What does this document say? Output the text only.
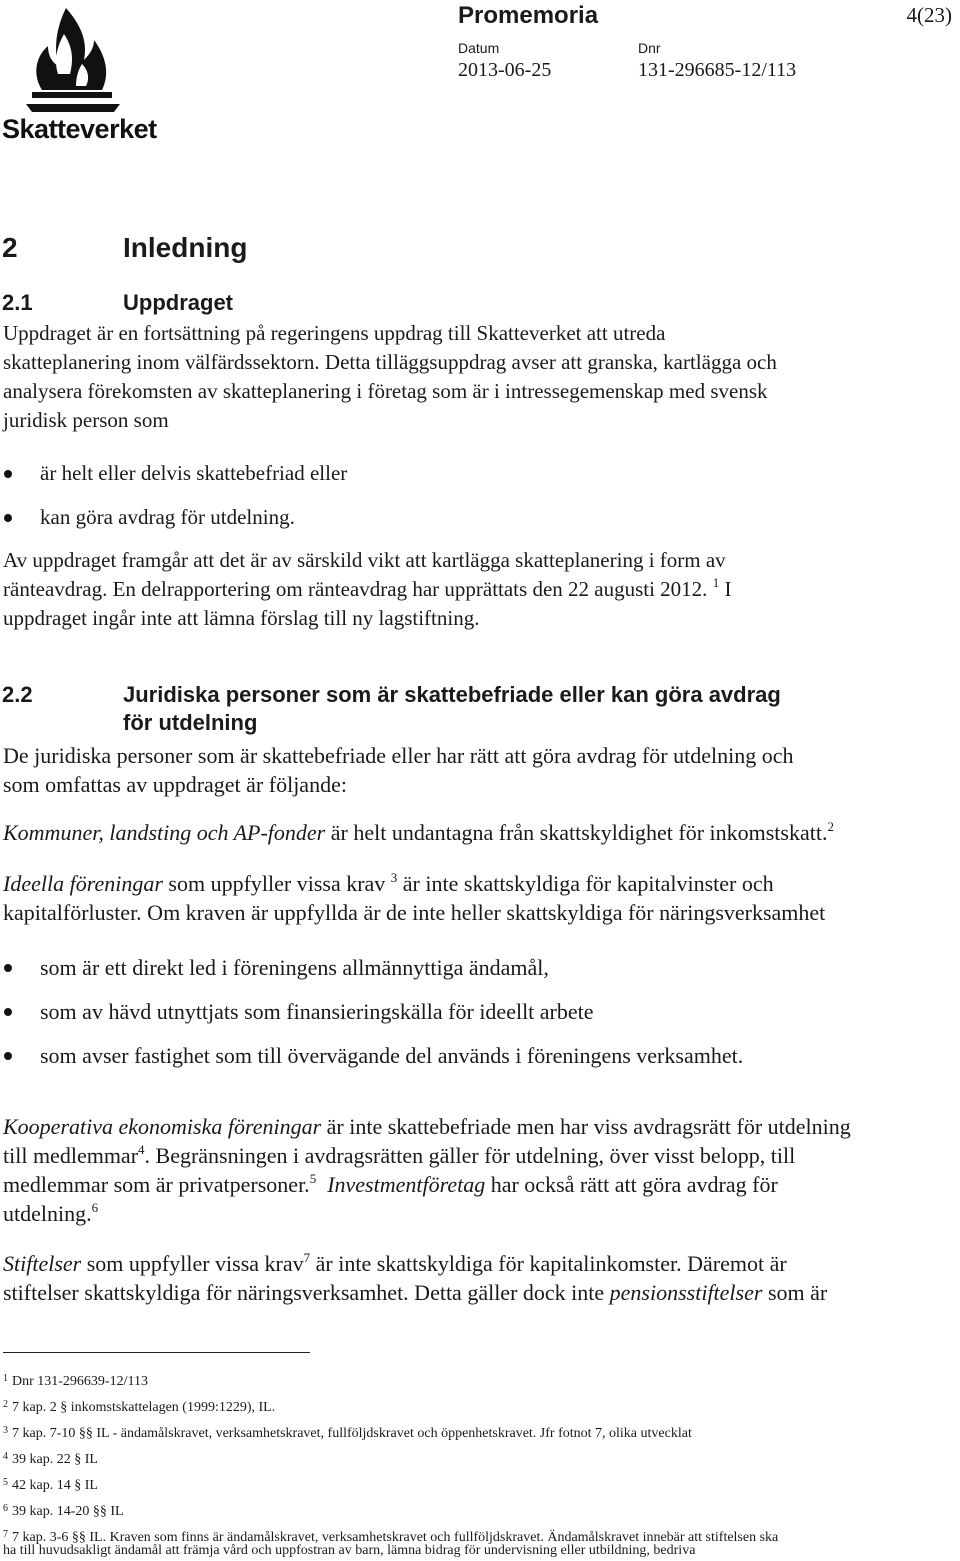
Skatteverket
Promemoria	4(23)
Datum	Dnr
2013-06-25	131-296685-12/113
2	Inledning
2.1	Uppdraget
Uppdraget är en fortsättning på regeringens uppdrag till Skatteverket att utreda
skatteplanering inom välfärdssektorn. Detta tilläggsuppdrag avser att granska, kartlägga och
analysera förekomsten av skatteplanering i företag som är i intressegemenskap med svensk
juridisk person som
är helt eller delvis skattebefriad eller
kan göra avdrag för utdelning.
Av uppdraget framgår att det är av särskild vikt att kartlägga skatteplanering i form av
ränteavdrag. En delrapportering om ränteavdrag har upprättats den 22 augusti 2012. $^1$ I
uppdraget ingår inte att lämna förslag till ny lagstiftning.
2.2	Juridiska personer som är skattebefriade eller kan göra avdrag
för utdelning
De juridiska personer som är skattebefriade eller har rätt att göra avdrag för utdelning och
som omfattas av uppdraget är följande:
Kommuner, landsting och AP-fonder är helt undantagna från skattskyldighet för inkomstskatt.$^2$
Ideella föreningar som uppfyller vissa krav $^3$ är inte skattskyldiga för kapitalvinster och
kapitalförluster. Om kraven är uppfyllda är de inte heller skattskyldiga för näringsverksamhet
som är ett direkt led i föreningens allmännyttiga ändamål,
som av hävd utnyttjats som finansieringskälla för ideellt arbete
som avser fastighet som till övervägande del används i föreningens verksamhet.
Kooperativa ekonomiska föreningar är inte skattebefriade men har viss avdragsrätt för utdelning
till medlemmar$^4$. Begränsningen i avdragsrätten gäller för utdelning, över visst belopp, till
medlemmar som är privatpersoner.$^5$ Investmentföretag har också rätt att göra avdrag för
utdelning.$^6$
Stiftelser som uppfyller vissa krav$^7$ är inte skattskyldiga för kapitalinkomster. Däremot är
stiftelser skattskyldiga för näringsverksamhet. Detta gäller dock inte pensionsstiftelser som är
$^1$ Dnr 131-296639-12/113
$^2$ 7 kap. 2 § inkomstskattelagen (1999:1229), IL.
$^3$ 7 kap. 7-10 §§ IL - ändamålskravet, verksamhetskravet, fullföljdskravet och öppenhetskravet. Jfr fotnot 7, olika utvecklat
$^4$ 39 kap. 22 § IL
$^5$ 42 kap. 14 § IL
$^6$ 39 kap. 14-20 §§ IL
$^7$ 7 kap. 3-6 §§ IL. Kraven som finns är ändamålskravet, verksamhetskravet och fullföljdskravet. Ändamålskravet innebär att stiftelsen ska
ha till huvudsakligt ändamål att främja vård och uppfostran av barn, lämna bidrag för undervisning eller utbildning, bedriva
